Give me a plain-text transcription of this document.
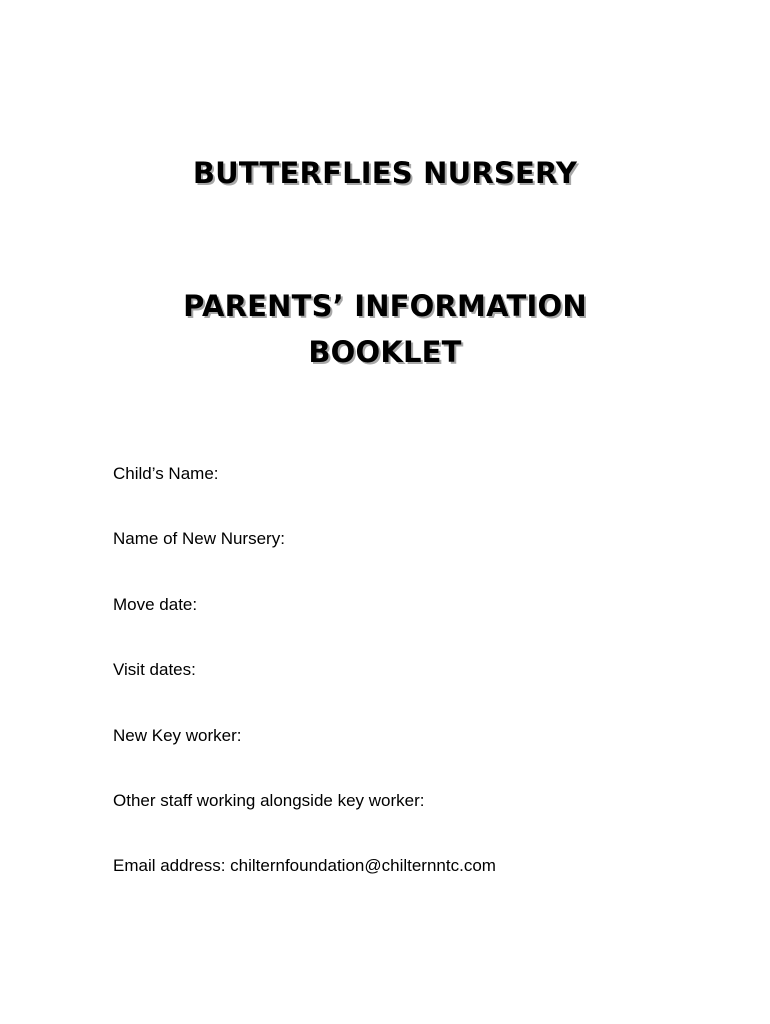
BUTTERFLIES NURSERY
PARENTS’ INFORMATION
BOOKLET
Child’s Name:
Name of New Nursery:
Move date:
Visit dates:
New Key worker:
Other staff working alongside key worker:
Email address: chilternfoundation@chilternntc.com
